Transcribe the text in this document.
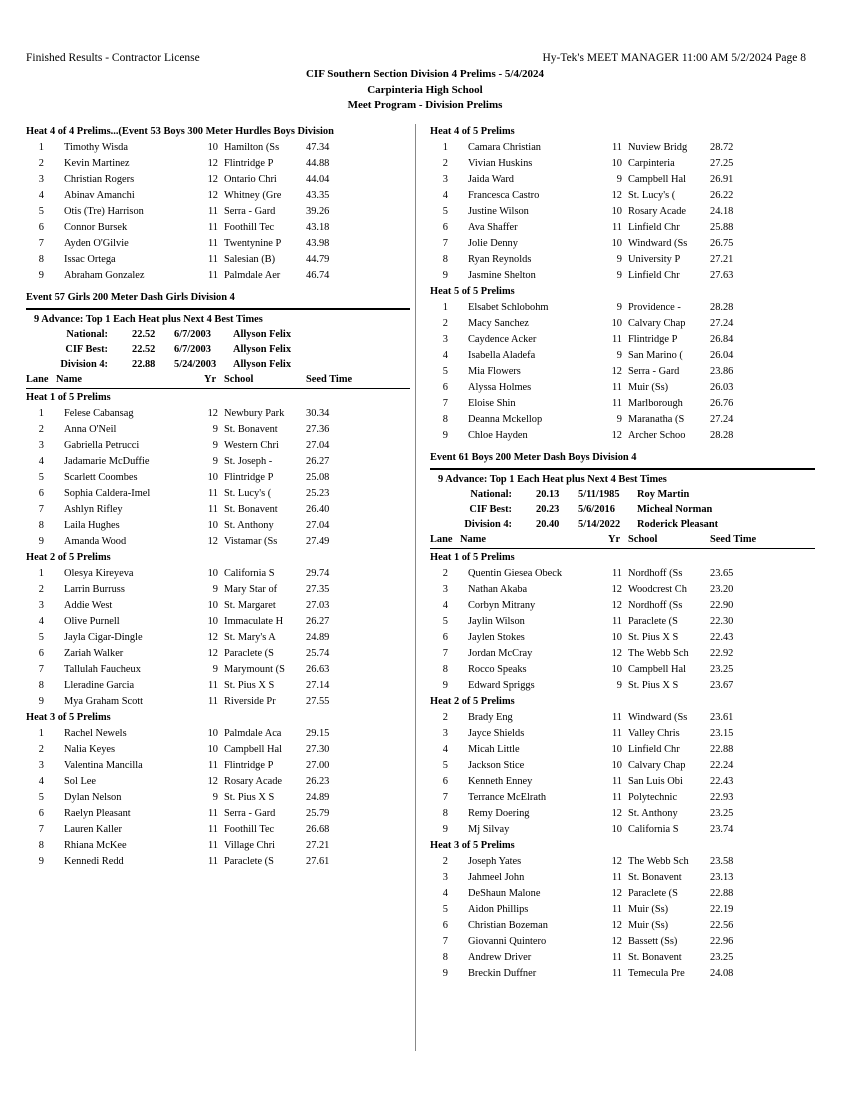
Finished Results - Contractor License	Hy-Tek's MEET MANAGER 11:00 AM 5/2/2024 Page 8
CIF Southern Section Division 4 Prelims - 5/4/2024
Carpinteria High School
Meet Program - Division Prelims
Heat 4 of 4 Prelims...(Event 53 Boys 300 Meter Hurdles Boys Division
1 Timothy Wisda	10 Hamilton (Ss	47.34
2 Kevin Martinez	12 Flintridge P	44.88
3 Christian Rogers	12 Ontario Chri	44.04
4 Abinav Amanchi	12 Whitney (Gre	43.35
5 Otis (Tre) Harrison	11 Serra - Gard	39.26
6 Connor Bursek	11 Foothill Tec	43.18
7 Ayden O'Gilvie	11 Twentynine P	43.98
8 Issac Ortega	11 Salesian (B)	44.79
9 Abraham Gonzalez	11 Palmdale Aer	46.74
Event 57 Girls 200 Meter Dash Girls Division 4
9 Advance: Top 1 Each Heat plus Next 4 Best Times
National: 22.52	6/7/2003	Allyson Felix
CIF Best: 22.52	6/7/2003	Allyson Felix
Division 4: 22.88	5/24/2003	Allyson Felix
Lane Name	Yr School	Seed Time
Heat 1 of 5 Prelims
1 Felese Cabansag	12 Newbury Park	30.34
2 Anna O'Neil	9 St. Bonavent	27.36
3 Gabriella Petrucci	9 Western Chri	27.04
4 Jadamarie McDuffie	9 St. Joseph -	26.27
5 Scarlett Coombes	10 Flintridge P	25.08
6 Sophia Caldera-Imel	11 St. Lucy's (	25.23
7 Ashlyn Rifley	11 St. Bonavent	26.40
8 Laila Hughes	10 St. Anthony	27.04
9 Amanda Wood	12 Vistamar (Ss	27.49
Heat 2 of 5 Prelims
1 Olesya Kireyeva	10 California S	29.74
2 Larrin Burruss	9 Mary Star of	27.35
3 Addie West	10 St. Margaret	27.03
4 Olive Purnell	10 Immaculate H	26.27
5 Jayla Cigar-Dingle	12 St. Mary's A	24.89
6 Zariah Walker	12 Paraclete (S	25.74
7 Tallulah Faucheux	9 Marymount (S	26.63
8 Lleradine Garcia	11 St. Pius X S	27.14
9 Mya Graham Scott	11 Riverside Pr	27.55
Heat 3 of 5 Prelims
1 Rachel Newels	10 Palmdale Aca	29.15
2 Nalia Keyes	10 Campbell Hal	27.30
3 Valentina Mancilla	11 Flintridge P	27.00
4 Sol Lee	12 Rosary Acade	26.23
5 Dylan Nelson	9 St. Pius X S	24.89
6 Raelyn Pleasant	11 Serra - Gard	25.79
7 Lauren Kaller	11 Foothill Tec	26.68
8 Rhiana McKee	11 Village Chri	27.21
9 Kennedi Redd	11 Paraclete (S	27.61
Heat 4 of 5 Prelims
1 Camara Christian	11 Nuview Bridg	28.72
2 Vivian Huskins	10 Carpinteria	27.25
3 Jaida Ward	9 Campbell Hal	26.91
4 Francesca Castro	12 St. Lucy's (	26.22
5 Justine Wilson	10 Rosary Acade	24.18
6 Ava Shaffer	11 Linfield Chr	25.88
7 Jolie Denny	10 Windward (Ss	26.75
8 Ryan Reynolds	9 University P	27.21
9 Jasmine Shelton	9 Linfield Chr	27.63
Heat 5 of 5 Prelims
1 Elsabet Schlobohm	9 Providence -	28.28
2 Macy Sanchez	10 Calvary Chap	27.24
3 Caydence Acker	11 Flintridge P	26.84
4 Isabella Aladefa	9 San Marino (	26.04
5 Mia Flowers	12 Serra - Gard	23.86
6 Alyssa Holmes	11 Muir (Ss)	26.03
7 Eloise Shin	11 Marlborough	26.76
8 Deanna Mckellop	9 Maranatha (S	27.24
9 Chloe Hayden	12 Archer Schoo	28.28
Event 61 Boys 200 Meter Dash Boys Division 4
9 Advance: Top 1 Each Heat plus Next 4 Best Times
National: 20.13	5/11/1985	Roy Martin
CIF Best: 20.23	5/6/2016	Micheal Norman
Division 4: 20.40	5/14/2022	Roderick Pleasant
Lane Name	Yr School	Seed Time
Heat 1 of 5 Prelims
2 Quentin Giesea Obeck	11 Nordhoff (Ss	23.65
3 Nathan Akaba	12 Woodcrest Ch	23.20
4 Corbyn Mitrany	12 Nordhoff (Ss	22.90
5 Jaylin Wilson	11 Paraclete (S	22.30
6 Jaylen Stokes	10 St. Pius X S	22.43
7 Jordan McCray	12 The Webb Sch	22.92
8 Rocco Speaks	10 Campbell Hal	23.25
9 Edward Spriggs	9 St. Pius X S	23.67
Heat 2 of 5 Prelims
2 Brady Eng	11 Windward (Ss	23.61
3 Jayce Shields	11 Valley Chris	23.15
4 Micah Little	10 Linfield Chr	22.88
5 Jackson Stice	10 Calvary Chap	22.24
6 Kenneth Enney	11 San Luis Obi	22.43
7 Terrance McElrath	11 Polytechnic	22.93
8 Remy Doering	12 St. Anthony	23.25
9 Mj Silvay	10 California S	23.74
Heat 3 of 5 Prelims
2 Joseph Yates	12 The Webb Sch	23.58
3 Jahmeel John	11 St. Bonavent	23.13
4 DeShaun Malone	12 Paraclete (S	22.88
5 Aidon Phillips	11 Muir (Ss)	22.19
6 Christian Bozeman	12 Muir (Ss)	22.56
7 Giovanni Quintero	12 Bassett (Ss)	22.96
8 Andrew Driver	11 St. Bonavent	23.25
9 Breckin Duffner	11 Temecula Pre	24.08
